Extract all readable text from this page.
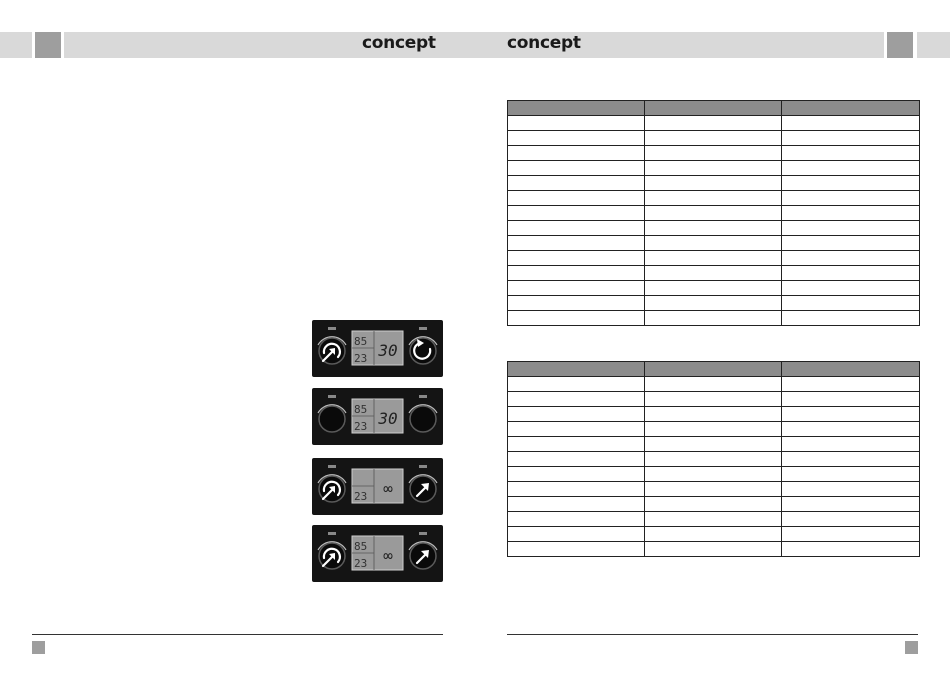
concept	concept
85
23 30
85
23 30
23 ∞
85
23 ∞
